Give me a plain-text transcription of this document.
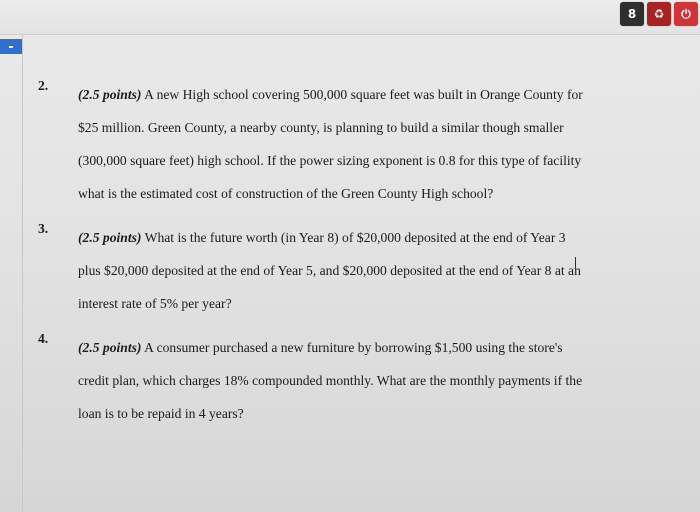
8	♻	⏻
2.
(2.5 points) A new High school covering 500,000 square feet was built in Orange County for
$25 million. Green County, a nearby county, is planning to build a similar though smaller
(300,000 square feet) high school. If the power sizing exponent is 0.8 for this type of facility
what is the estimated cost of construction of the Green County High school?
3.
(2.5 points) What is the future worth (in Year 8) of $20,000 deposited at the end of Year 3
plus $20,000 deposited at the end of Year 5, and $20,000 deposited at the end of Year 8 at an
interest rate of 5% per year?
4.
(2.5 points) A consumer purchased a new furniture by borrowing $1,500 using the store's
credit plan, which charges 18% compounded monthly. What are the monthly payments if the
loan is to be repaid in 4 years?
